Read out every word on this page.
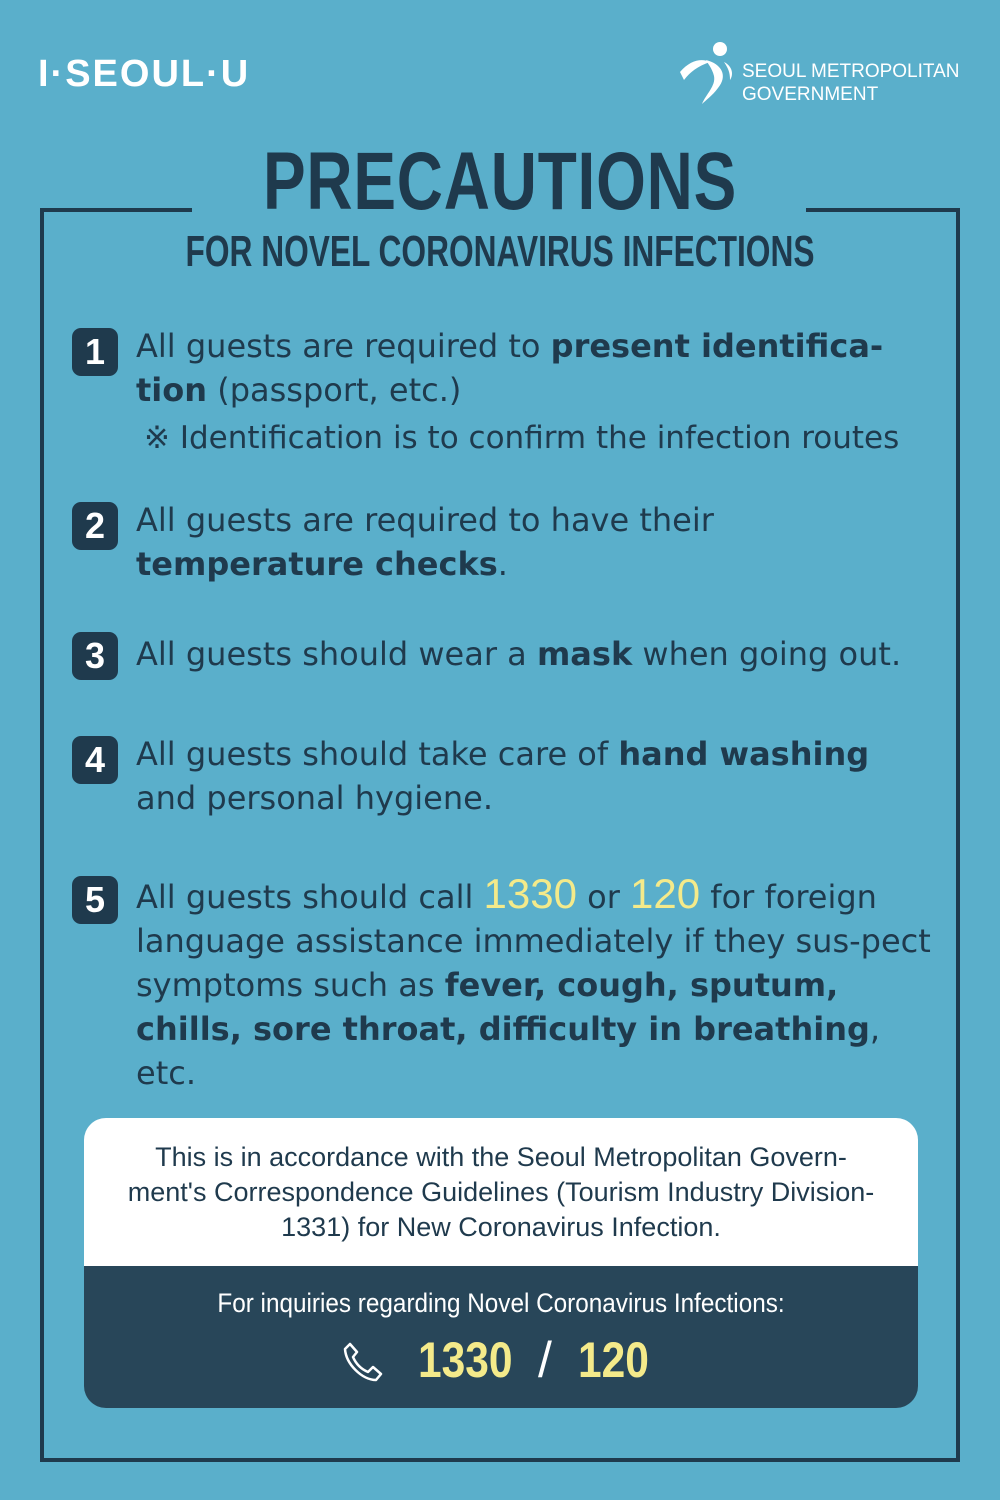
I·SEOUL·U	SEOUL METROPOLITAN
GOVERNMENT
PRECAUTIONS
FOR NOVEL CORONAVIRUS INFECTIONS
1 All guests are required to present identifica-tion (passport, etc.)
※ Identification is to confirm the infection routes
2 All guests are required to have their temperature checks.
3 All guests should wear a mask when going out.
4 All guests should take care of hand washing and personal hygiene.
5 All guests should call 1330 or 120 for foreign language assistance immediately if they sus-pect symptoms such as fever, cough, sputum, chills, sore throat, difficulty in breathing, etc.
This is in accordance with the Seoul Metropolitan Govern-ment's Correspondence Guidelines (Tourism Industry Division-1331) for New Coronavirus Infection.
For inquiries regarding Novel Coronavirus Infections:
1330 / 120
